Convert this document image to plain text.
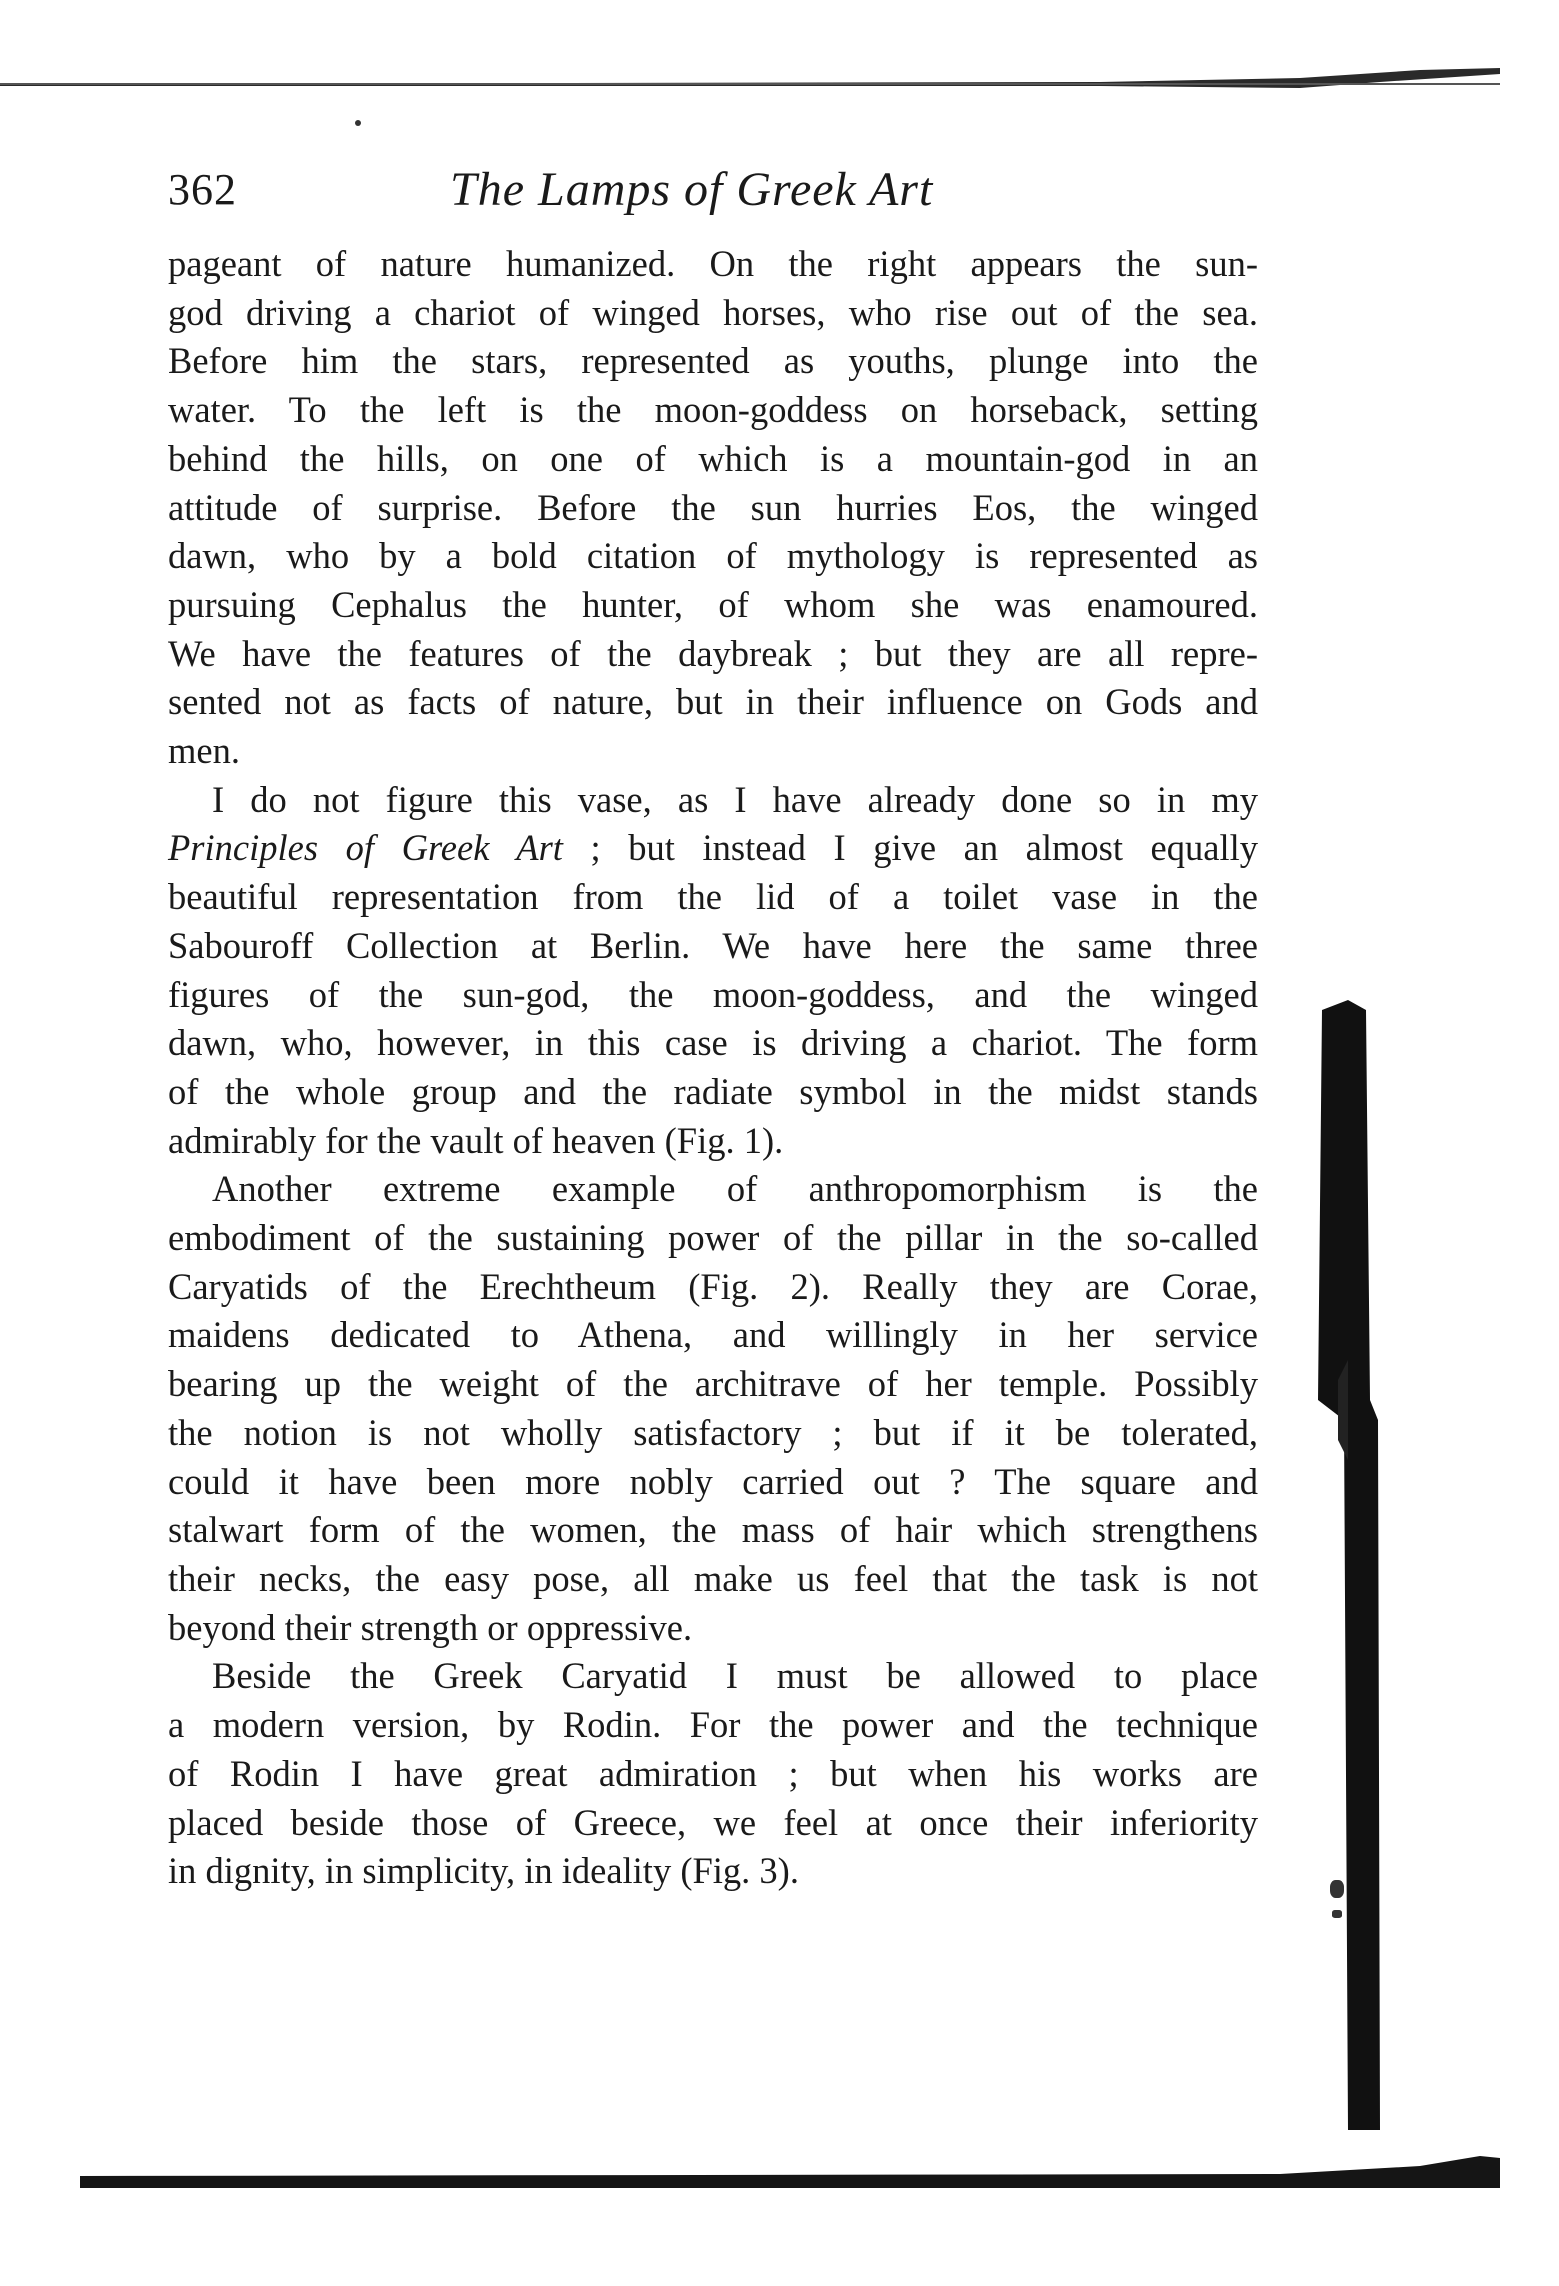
362	The Lamps of Greek Art

pageant of nature humanized. On the right appears the sun-
god driving a chariot of winged horses, who rise out of the sea.
Before him the stars, represented as youths, plunge into the
water. To the left is the moon-goddess on horseback, setting
behind the hills, on one of which is a mountain-god in an
attitude of surprise. Before the sun hurries Eos, the winged
dawn, who by a bold citation of mythology is represented as
pursuing Cephalus the hunter, of whom she was enamoured.
We have the features of the daybreak ; but they are all repre-
sented not as facts of nature, but in their influence on Gods and
men.

I do not figure this vase, as I have already done so in my
Principles of Greek Art ; but instead I give an almost equally
beautiful representation from the lid of a toilet vase in the
Sabouroff Collection at Berlin. We have here the same three
figures of the sun-god, the moon-goddess, and the winged
dawn, who, however, in this case is driving a chariot. The form
of the whole group and the radiate symbol in the midst stands
admirably for the vault of heaven (Fig. 1).

Another extreme example of anthropomorphism is the
embodiment of the sustaining power of the pillar in the so-called
Caryatids of the Erechtheum (Fig. 2). Really they are Corae,
maidens dedicated to Athena, and willingly in her service
bearing up the weight of the architrave of her temple. Possibly
the notion is not wholly satisfactory ; but if it be tolerated,
could it have been more nobly carried out ? The square and
stalwart form of the women, the mass of hair which strengthens
their necks, the easy pose, all make us feel that the task is not
beyond their strength or oppressive.

Beside the Greek Caryatid I must be allowed to place
a modern version, by Rodin. For the power and the technique
of Rodin I have great admiration ; but when his works are
placed beside those of Greece, we feel at once their inferiority
in dignity, in simplicity, in ideality (Fig. 3).
